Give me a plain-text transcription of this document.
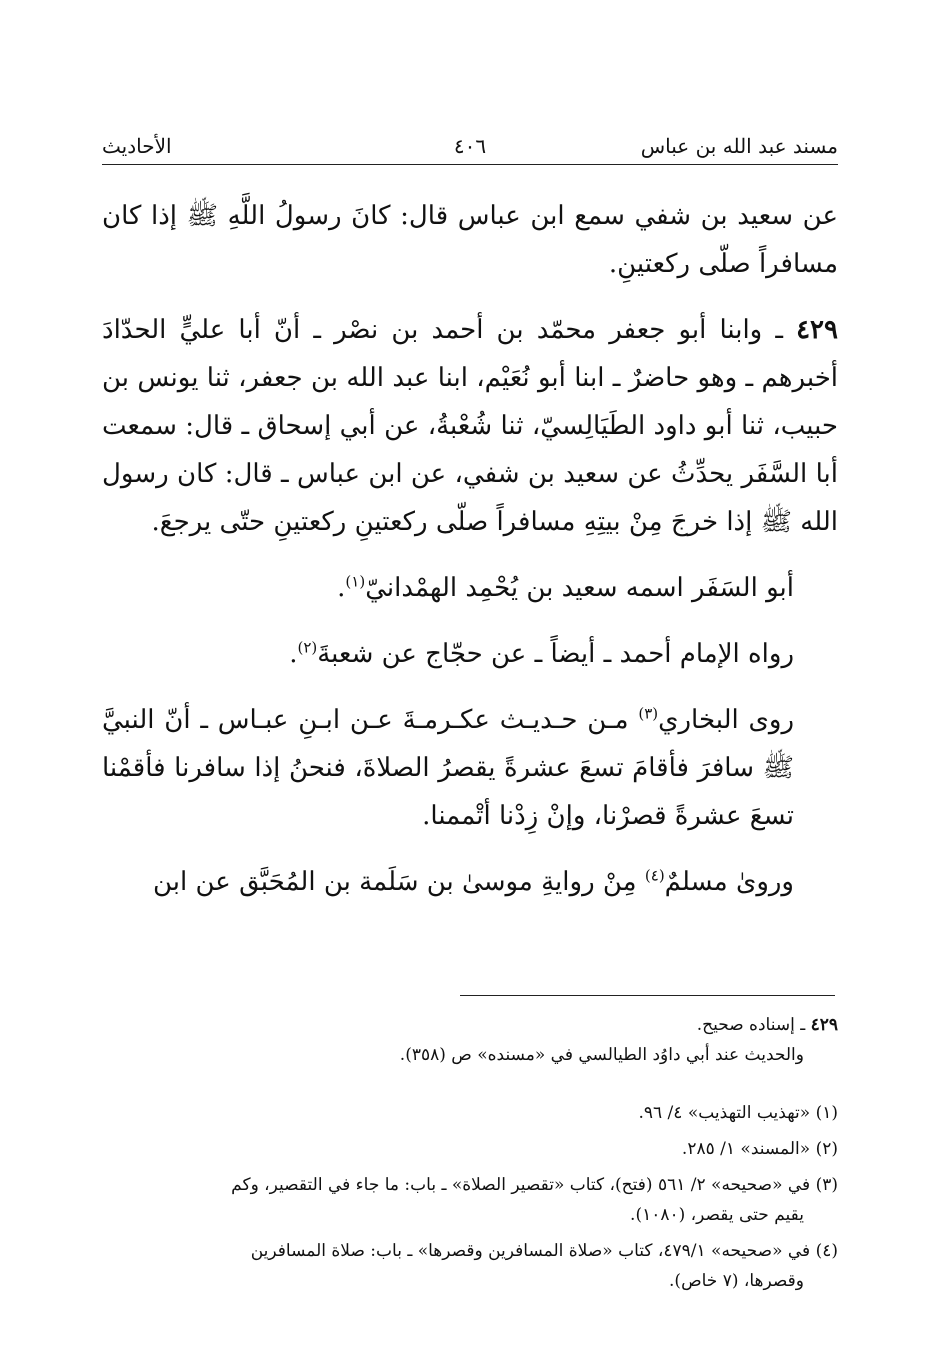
مسند عبد الله بن عباس
٤٠٦
الأحاديث

عن سعيد بن شفي سمع ابن عباس قال: كانَ رسولُ اللَّهِ ﷺ إذا كان مسافراً صلّى ركعتينِ.

٤٢٩ ـ وابنا أبو جعفر محمّد بن أحمد بن نصْر ـ أنّ أبا عليٍّ الحدّادَ أخبرهم ـ وهو حاضرٌ ـ ابنا أبو نُعَيْم، ابنا عبد الله بن جعفر، ثنا يونس بن حبيب، ثنا أبو داود الطَيَالِسيّ، ثنا شُعْبةُ، عن أبي إسحاق ـ قال: سمعت أبا السَّفَر يحدِّثُ عن سعيد بن شفي، عن ابن عباس ـ قال: كان رسول الله ﷺ إذا خرجَ مِنْ بيتِهِ مسافراً صلّى ركعتينِ ركعتينِ حتّى يرجعَ.

أبو السَفَر اسمه سعيد بن يُحْمِد الهمْدانيّ$^{(١)}$.

رواه الإمام أحمد ـ أيضاً ـ عن حجّاج عن شعبةَ$^{(٢)}$.

روى البخاري$^{(٣)}$ مـن حـديـث عكـرمـةَ عـن ابـنِ عبـاس ـ أنّ النبيَّ ﷺ سافرَ فأقامَ تسعَ عشرةً يقصرُ الصلاةَ، فنحنُ إذا سافرنا فأقمْنا تسعَ عشرةً قصرْنا، وإنْ زِدْنا أتْممنا.

وروىٰ مسلمٌ$^{(٤)}$ مِنْ روايةِ موسىٰ بن سَلَمة بن المُحَبَّق عن ابن

٤٢٩ ـ إسناده صحيح.
والحديث عند أبي داوُد الطيالسي في «مسنده» ص (٣٥٨).
(١) «تهذيب التهذيب» ٤/ ٩٦.
(٢) «المسند» ١/ ٢٨٥.
(٣) في «صحيحه» ٢/ ٥٦١ (فتح)، كتاب «تقصير الصلاة» ـ باب: ما جاء في التقصير، وكم
يقيم حتى يقصر، (١٠٨٠).
(٤) في «صحيحه» ٤٧٩/١، كتاب «صلاة المسافرين وقصرها» ـ باب: صلاة المسافرين
وقصرها، (٧ خاص).
